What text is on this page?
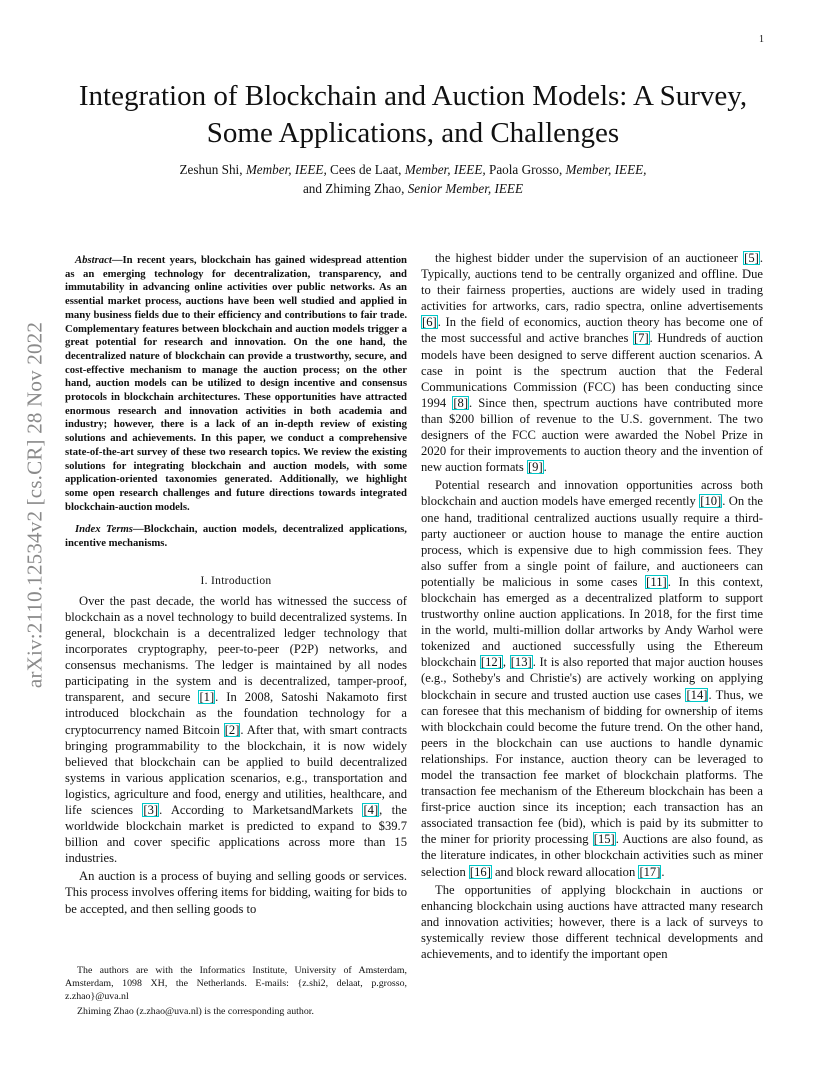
1
arXiv:2110.12534v2 [cs.CR] 28 Nov 2022
Integration of Blockchain and Auction Models: A Survey, Some Applications, and Challenges
Zeshun Shi, Member, IEEE, Cees de Laat, Member, IEEE, Paola Grosso, Member, IEEE,
and Zhiming Zhao, Senior Member, IEEE

Abstract—In recent years, blockchain has gained widespread attention as an emerging technology for decentralization, transparency, and immutability in advancing online activities over public networks. As an essential market process, auctions have been well studied and applied in many business fields due to their efficiency and contributions to fair trade. Complementary features between blockchain and auction models trigger a great potential for research and innovation. On the one hand, the decentralized nature of blockchain can provide a trustworthy, secure, and cost-effective mechanism to manage the auction process; on the other hand, auction models can be utilized to design incentive and consensus protocols in blockchain architectures. These opportunities have attracted enormous research and innovation activities in both academia and industry; however, there is a lack of an in-depth review of existing solutions and achievements. In this paper, we conduct a comprehensive state-of-the-art survey of these two research topics. We review the existing solutions for integrating blockchain and auction models, with some application-oriented taxonomies generated. Additionally, we highlight some open research challenges and future directions towards integrated blockchain-auction models.

Index Terms—Blockchain, auction models, decentralized applications, incentive mechanisms.

I. Introduction

Over the past decade, the world has witnessed the success of blockchain as a novel technology to build decentralized systems. In general, blockchain is a decentralized ledger technology that incorporates cryptography, peer-to-peer (P2P) networks, and consensus mechanisms. The ledger is maintained by all nodes participating in the system and is decentralized, tamper-proof, transparent, and secure [1]. In 2008, Satoshi Nakamoto first introduced blockchain as the foundation technology for a cryptocurrency named Bitcoin [2]. After that, with smart contracts bringing programmability to the blockchain, it is now widely believed that blockchain can be applied to build decentralized systems in various application scenarios, e.g., transportation and logistics, agriculture and food, energy and utilities, healthcare, and life sciences [3]. According to MarketsandMarkets [4], the worldwide blockchain market is predicted to expand to $39.7 billion and cover specific applications across more than 15 industries.

An auction is a process of buying and selling goods or services. This process involves offering items for bidding, waiting for bids to be accepted, and then selling goods to

the highest bidder under the supervision of an auctioneer [5]. Typically, auctions tend to be centrally organized and offline. Due to their fairness properties, auctions are widely used in trading activities for artworks, cars, radio spectra, online advertisements [6]. In the field of economics, auction theory has become one of the most successful and active branches [7]. Hundreds of auction models have been designed to serve different auction scenarios. A case in point is the spectrum auction that the Federal Communications Commission (FCC) has been conducting since 1994 [8]. Since then, spectrum auctions have contributed more than $200 billion of revenue to the U.S. government. The two designers of the FCC auction were awarded the Nobel Prize in 2020 for their improvements to auction theory and the invention of new auction formats [9].

Potential research and innovation opportunities across both blockchain and auction models have emerged recently [10]. On the one hand, traditional centralized auctions usually require a third-party auctioneer or auction house to manage the entire auction process, which is expensive due to high commission fees. They also suffer from a single point of failure, and auctioneers can potentially be malicious in some cases [11]. In this context, blockchain has emerged as a decentralized platform to support trustworthy online auction applications. In 2018, for the first time in the world, multi-million dollar artworks by Andy Warhol were tokenized and auctioned successfully using the Ethereum blockchain [12], [13]. It is also reported that major auction houses (e.g., Sotheby's and Christie's) are actively working on applying blockchain in secure and trusted auction use cases [14]. Thus, we can foresee that this mechanism of bidding for ownership of items with blockchain could become the future trend. On the other hand, peers in the blockchain can use auctions to handle dynamic relationships. For instance, auction theory can be leveraged to model the transaction fee market of blockchain platforms. The transaction fee mechanism of the Ethereum blockchain has been a first-price auction since its inception; each transaction has an associated transaction fee (bid), which is paid by its submitter to the miner for priority processing [15]. Auctions are also found, as the literature indicates, in other blockchain activities such as miner selection [16] and block reward allocation [17].

The opportunities of applying blockchain in auctions or enhancing blockchain using auctions have attracted many research and innovation activities; however, there is a lack of surveys to systemically review those different technical developments and achievements, and to identify the important open

The authors are with the Informatics Institute, University of Amsterdam, Amsterdam, 1098 XH, the Netherlands. E-mails: {z.shi2, delaat, p.grosso, z.zhao}@uva.nl

Zhiming Zhao (z.zhao@uva.nl) is the corresponding author.
